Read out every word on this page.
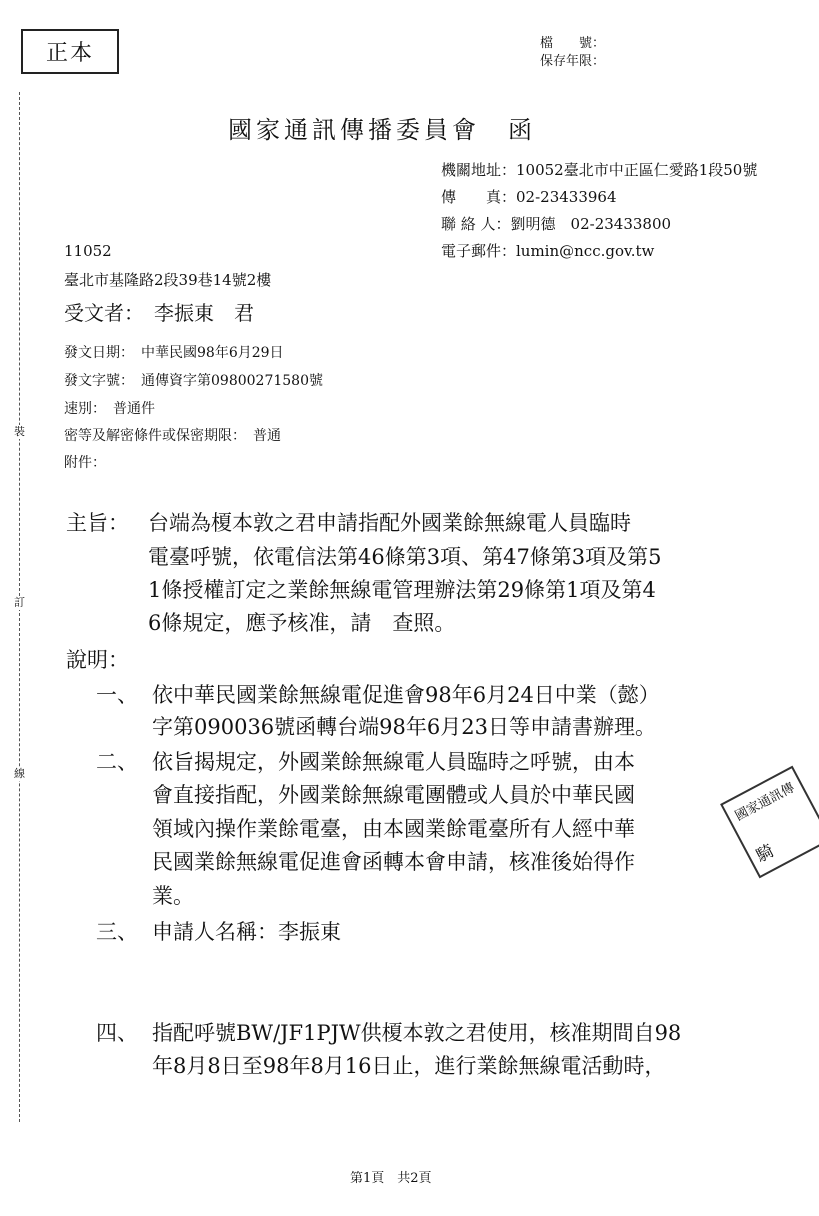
正本	檔　　號：
保存年限：
裝
訂
線
國家通訊傳播委員會　函
機關地址：10052臺北市中正區仁愛路1段50號
傳　　真：02-23433964
聯 絡 人：劉明德　02-23433800
電子郵件：lumin@ncc.gov.tw
11052
臺北市基隆路2段39巷14號2樓
受文者：　李振東　君
發文日期：　中華民國98年6月29日
發文字號：　通傳資字第09800271580號
速別：　普通件
密等及解密條件或保密期限：　普通
附件：
主旨： 台端為榎本敦之君申請指配外國業餘無線電人員臨時
電臺呼號，依電信法第46條第3項、第47條第3項及第5
1條授權訂定之業餘無線電管理辦法第29條第1項及第4
6條規定，應予核准，請　查照。
說明：
一、 依中華民國業餘無線電促進會98年6月24日中業（懿）
字第090036號函轉台端98年6月23日等申請書辦理。
二、 依旨揭規定，外國業餘無線電人員臨時之呼號，由本
會直接指配，外國業餘無線電團體或人員於中華民國
領域內操作業餘電臺，由本國業餘電臺所有人經中華
民國業餘無線電促進會函轉本會申請，核准後始得作
業。
三、 申請人名稱：李振東
四、 指配呼號BW/JF1PJW供榎本敦之君使用，核准期間自98
年8月8日至98年8月16日止，進行業餘無線電活動時，
國家通訊傳
騎
第1頁　共2頁
